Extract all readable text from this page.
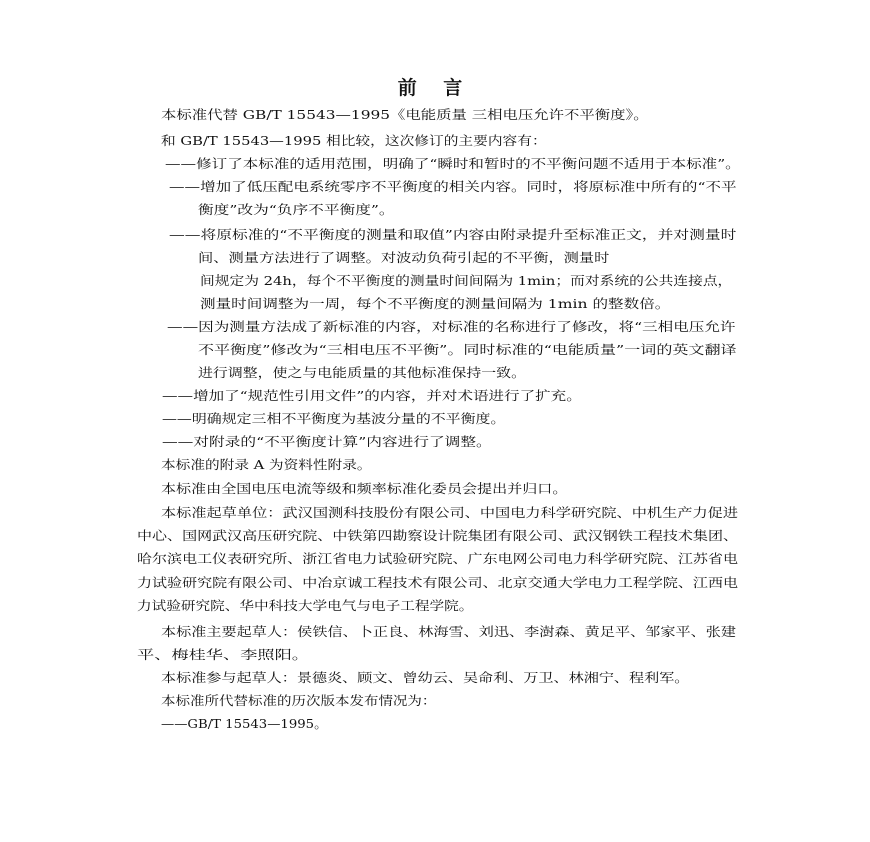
前 言
本标准代替 GB/T 15543—1995《电能质量 三相电压允许不平衡度》。
和 GB/T 15543—1995 相比较，这次修订的主要内容有：
——修订了本标准的适用范围，明确了“瞬时和暂时的不平衡问题不适用于本标准”。
——增加了低压配电系统零序不平衡度的相关内容。同时，将原标准中所有的“不平
衡度”改为“负序不平衡度”。
——将原标准的“不平衡度的测量和取值”内容由附录提升至标准正文，并对测量时
间、测量方法进行了调整。对波动负荷引起的不平衡，测量时
间规定为 24h，每个不平衡度的测量时间间隔为 1min；而对系统的公共连接点，
测量时间调整为一周，每个不平衡度的测量间隔为 1min 的整数倍。
——因为测量方法成了新标准的内容，对标准的名称进行了修改，将“三相电压允许
不平衡度”修改为“三相电压不平衡”。同时标准的“电能质量”一词的英文翻译
进行调整，使之与电能质量的其他标准保持一致。
——增加了“规范性引用文件”的内容，并对术语进行了扩充。
——明确规定三相不平衡度为基波分量的不平衡度。
——对附录的“不平衡度计算”内容进行了调整。
本标准的附录 A 为资料性附录。
本标准由全国电压电流等级和频率标准化委员会提出并归口。
本标准起草单位：武汉国测科技股份有限公司、中国电力科学研究院、中机生产力促进
中心、国网武汉高压研究院、中铁第四勘察设计院集团有限公司、武汉钢铁工程技术集团、
哈尔滨电工仪表研究所、浙江省电力试验研究院、广东电网公司电力科学研究院、江苏省电
力试验研究院有限公司、中冶京诚工程技术有限公司、北京交通大学电力工程学院、江西电
力试验研究院、华中科技大学电气与电子工程学院。
本标准主要起草人：侯铁信、卜正良、林海雪、刘迅、李澍森、黄足平、邹家平、张建
平、梅桂华、李照阳。
本标准参与起草人：景德炎、顾文、曾幼云、吴命利、万卫、林湘宁、程利军。
本标准所代替标准的历次版本发布情况为：
——GB/T 15543—1995。
